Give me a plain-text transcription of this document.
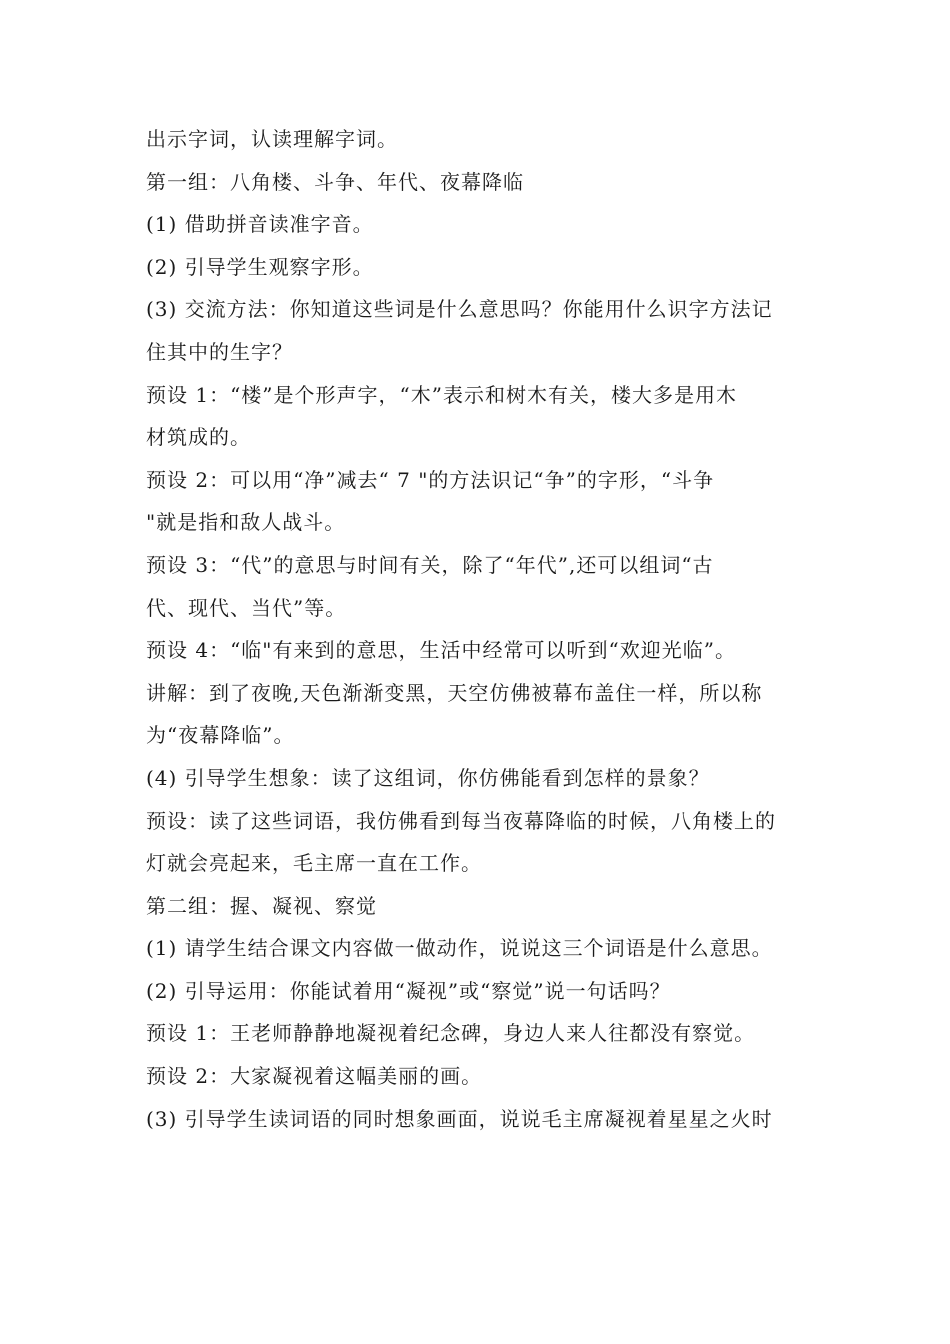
出示字词，认读理解字词。
第一组：八角楼、斗争、年代、夜幕降临
(1) 借助拼音读准字音。
(2) 引导学生观察字形。
(3) 交流方法：你知道这些词是什么意思吗？你能用什么识字方法记
住其中的生字？
预设 1：“楼”是个形声字，“木”表示和树木有关，楼大多是用木
材筑成的。
预设 2：可以用“净”减去“ 7 "的方法识记“争”的字形，“斗争
"就是指和敌人战斗。
预设 3：“代”的意思与时间有关，除了“年代”,还可以组词“古
代、现代、当代”等。
预设 4：“临"有来到的意思，生活中经常可以听到“欢迎光临”。
讲解：到了夜晚,天色渐渐变黑，天空仿佛被幕布盖住一样，所以称
为“夜幕降临”。
(4) 引导学生想象：读了这组词，你仿佛能看到怎样的景象？
预设：读了这些词语，我仿佛看到每当夜幕降临的时候，八角楼上的
灯就会亮起来，毛主席一直在工作。
第二组：握、凝视、察觉
(1) 请学生结合课文内容做一做动作，说说这三个词语是什么意思。
(2) 引导运用：你能试着用“凝视”或“察觉”说一句话吗？
预设 1：王老师静静地凝视着纪念碑，身边人来人往都没有察觉。
预设 2：大家凝视着这幅美丽的画。
(3) 引导学生读词语的同时想象画面，说说毛主席凝视着星星之火时
